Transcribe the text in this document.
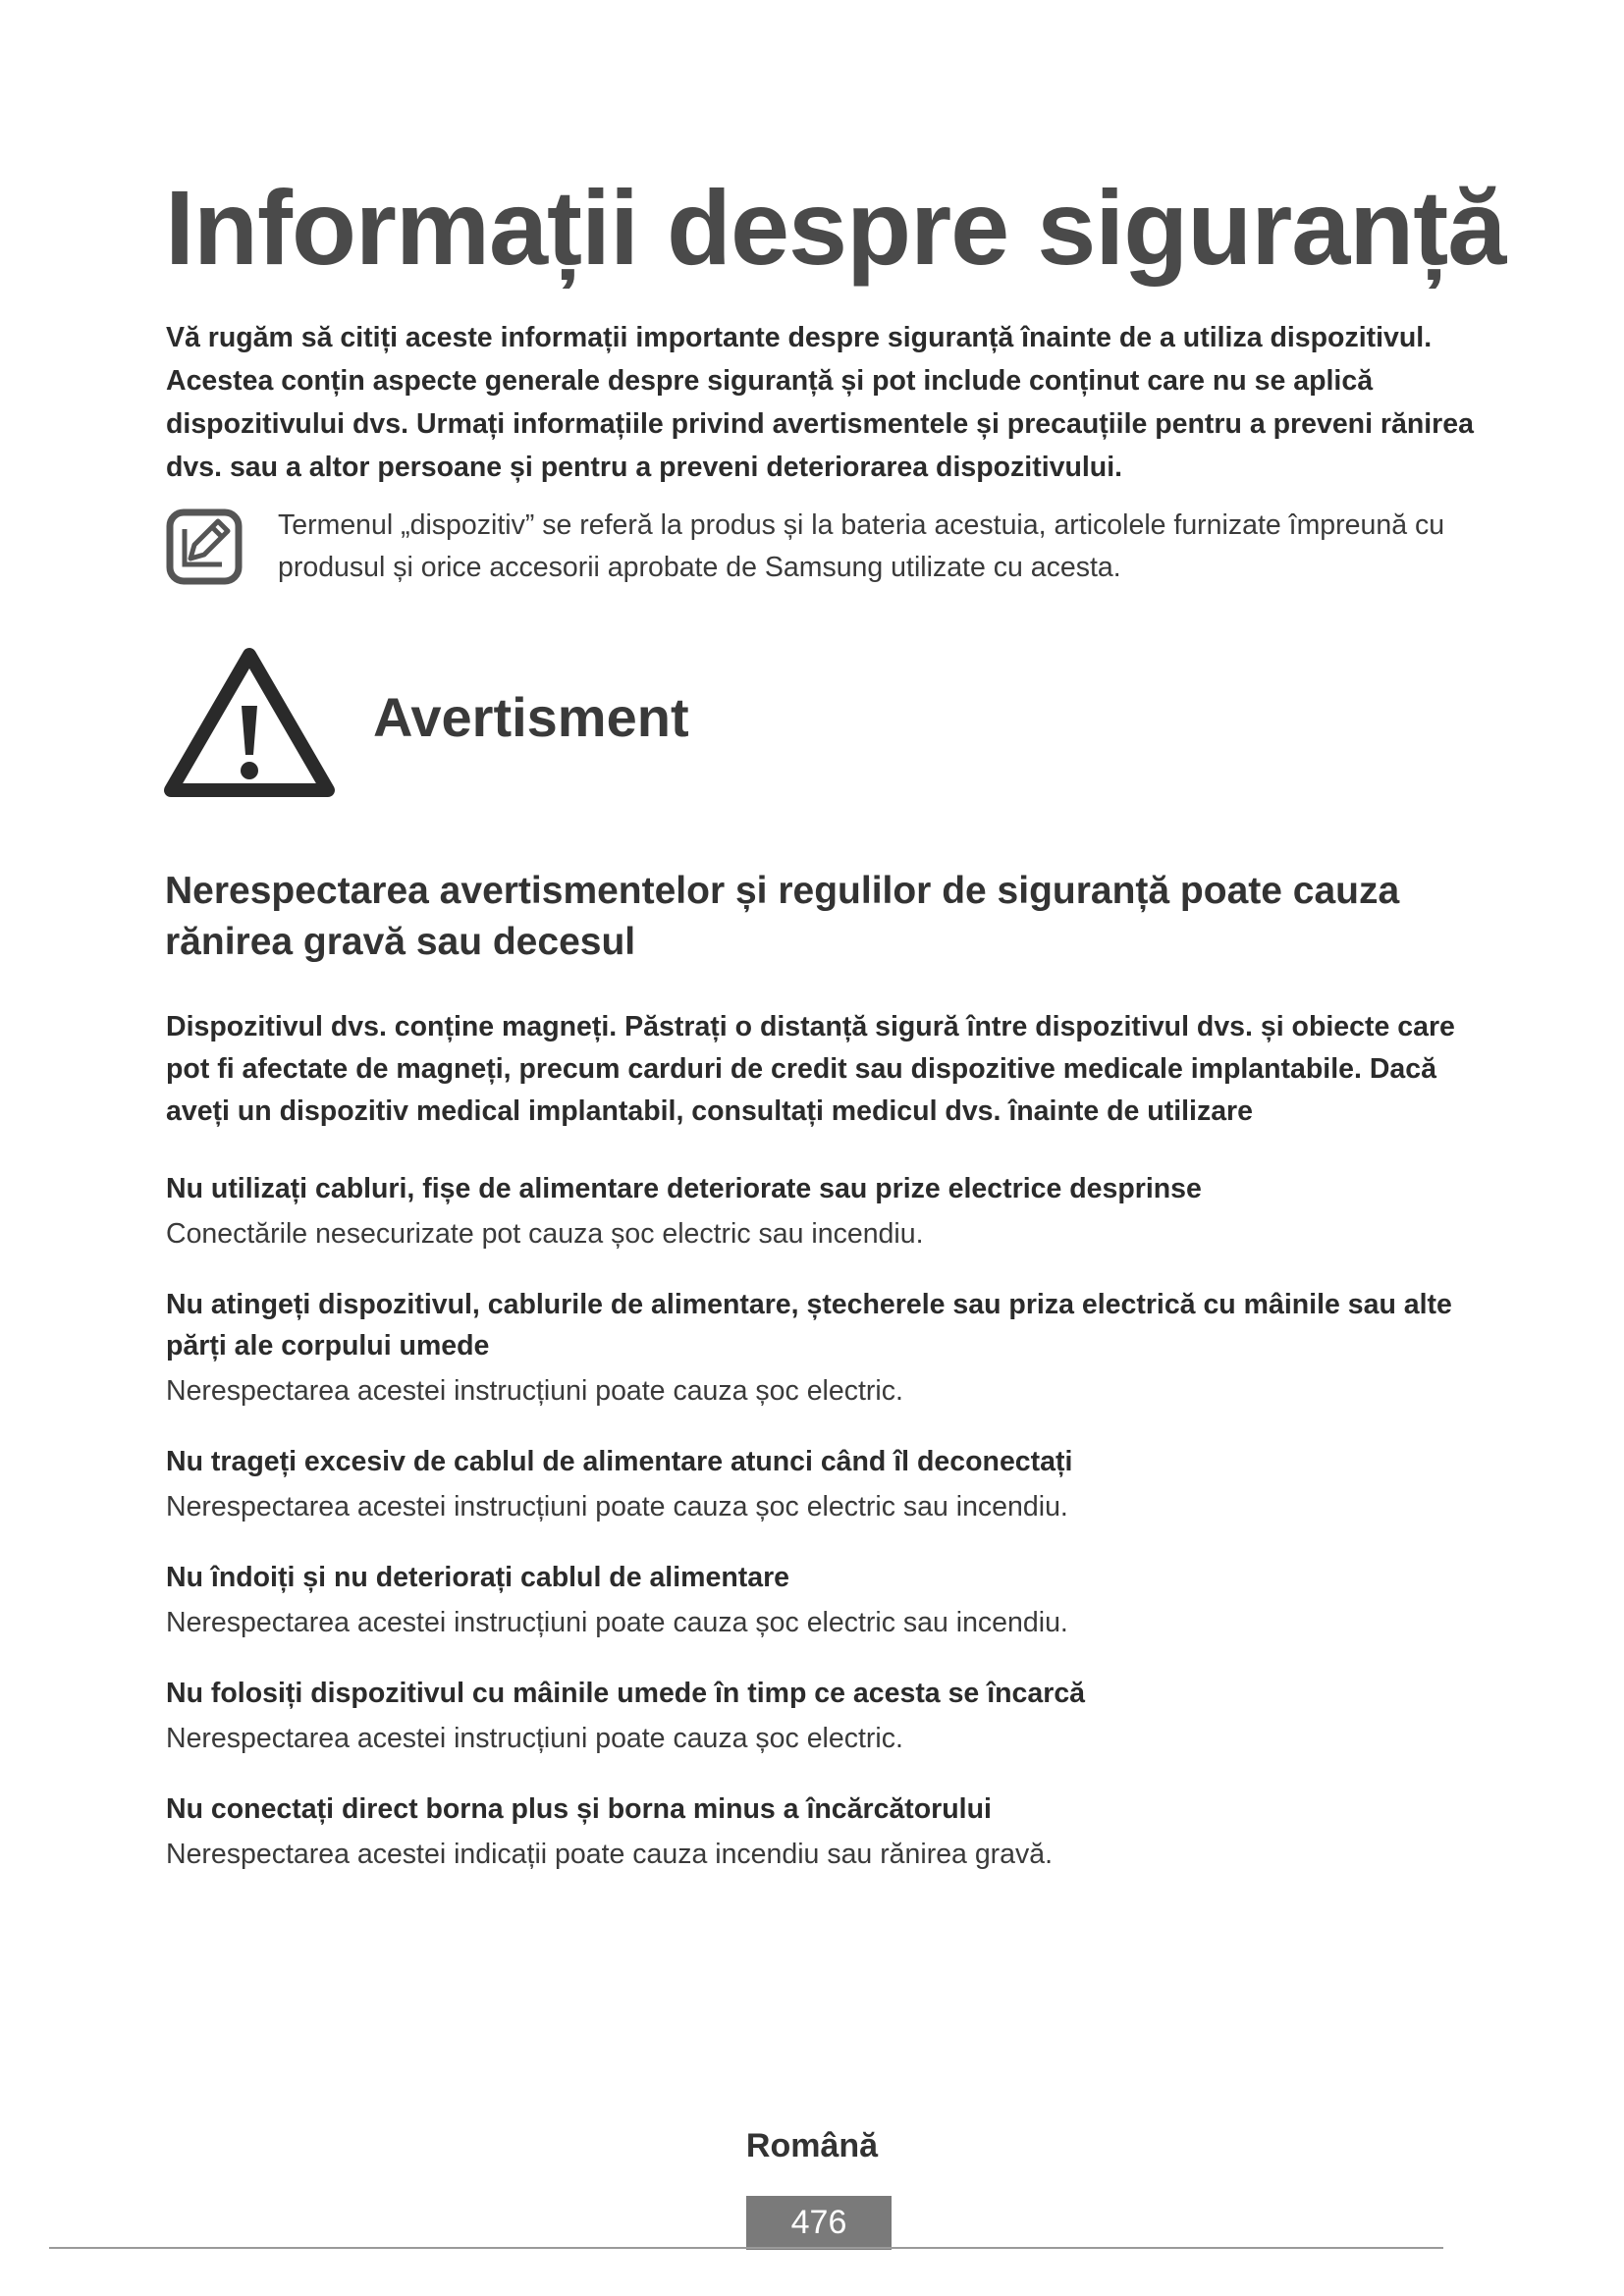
Informații despre siguranță

Vă rugăm să citiți aceste informații importante despre siguranță înainte de a utiliza dispozitivul. Acestea conțin aspecte generale despre siguranță și pot include conținut care nu se aplică dispozitivului dvs. Urmați informațiile privind avertismentele și precauțiile pentru a preveni rănirea dvs. sau a altor persoane și pentru a preveni deteriorarea dispozitivului.

Termenul „dispozitiv” se referă la produs și la bateria acestuia, articolele furnizate împreună cu produsul și orice accesorii aprobate de Samsung utilizate cu acesta.

Avertisment
Nerespectarea avertismentelor și regulilor de siguranță poate cauza rănirea gravă sau decesul

Dispozitivul dvs. conține magneți. Păstrați o distanță sigură între dispozitivul dvs. și obiecte care pot fi afectate de magneți, precum carduri de credit sau dispozitive medicale implantabile. Dacă aveți un dispozitiv medical implantabil, consultați medicul dvs. înainte de utilizare

Nu utilizați cabluri, fișe de alimentare deteriorate sau prize electrice desprinse

Conectările nesecurizate pot cauza șoc electric sau incendiu.

Nu atingeți dispozitivul, cablurile de alimentare, ștecherele sau priza electrică cu mâinile sau alte părți ale corpului umede

Nerespectarea acestei instrucțiuni poate cauza șoc electric.

Nu trageți excesiv de cablul de alimentare atunci când îl deconectați

Nerespectarea acestei instrucțiuni poate cauza șoc electric sau incendiu.

Nu îndoiți și nu deteriorați cablul de alimentare

Nerespectarea acestei instrucțiuni poate cauza șoc electric sau incendiu.

Nu folosiți dispozitivul cu mâinile umede în timp ce acesta se încarcă

Nerespectarea acestei instrucțiuni poate cauza șoc electric.

Nu conectați direct borna plus și borna minus a încărcătorului

Nerespectarea acestei indicații poate cauza incendiu sau rănirea gravă.

Română
476
